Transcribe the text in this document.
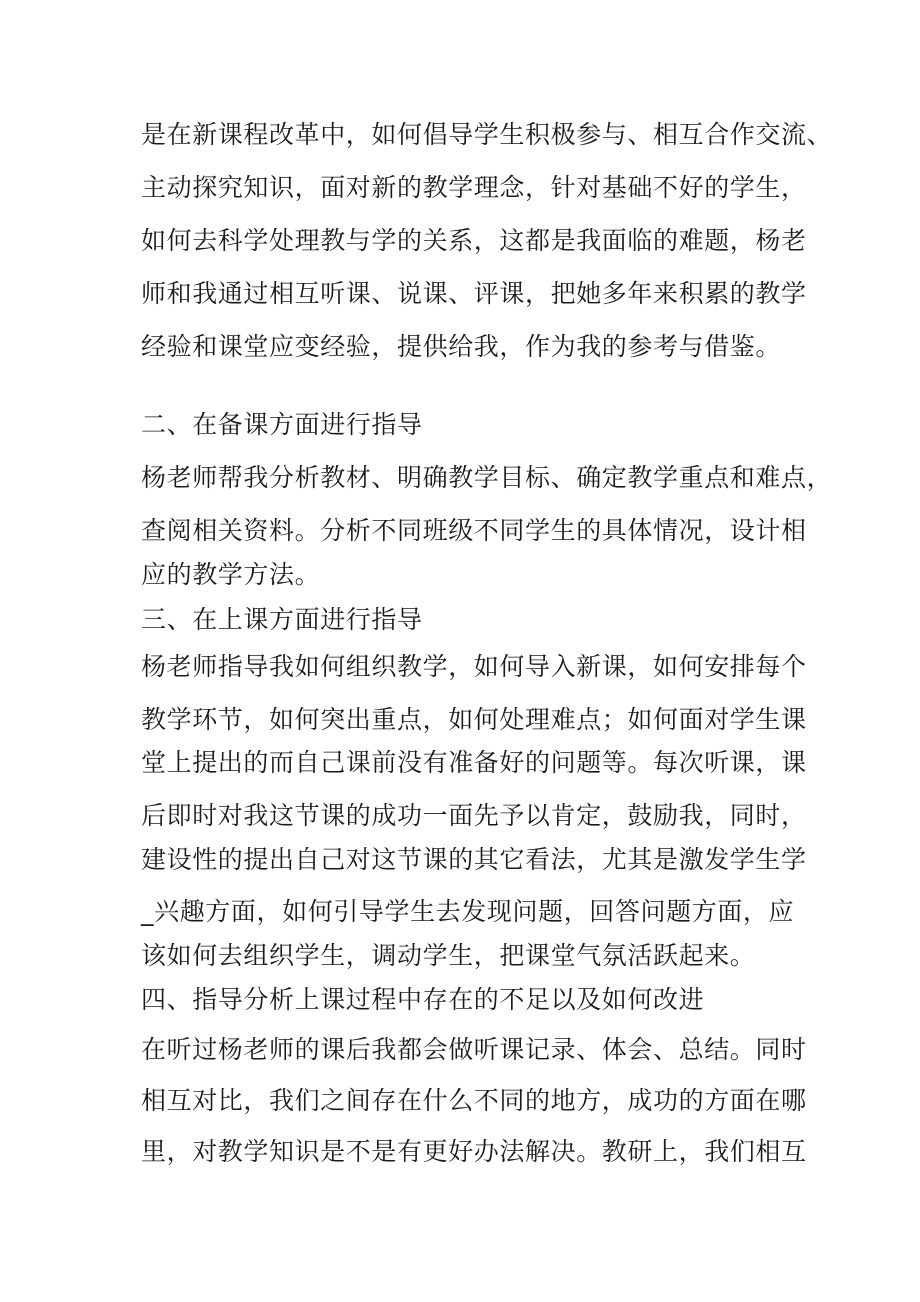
是在新课程改革中，如何倡导学生积极参与、相互合作交流、
主动探究知识，面对新的教学理念，针对基础不好的学生，
如何去科学处理教与学的关系，这都是我面临的难题，杨老
师和我通过相互听课、说课、评课，把她多年来积累的教学
经验和课堂应变经验，提供给我，作为我的参考与借鉴。
二、在备课方面进行指导
杨老师帮我分析教材、明确教学目标、确定教学重点和难点，
查阅相关资料。分析不同班级不同学生的具体情况，设计相
应的教学方法。
三、在上课方面进行指导
杨老师指导我如何组织教学，如何导入新课，如何安排每个
教学环节，如何突出重点，如何处理难点；如何面对学生课
堂上提出的而自己课前没有准备好的问题等。每次听课，课
后即时对我这节课的成功一面先予以肯定，鼓励我，同时，
建设性的提出自己对这节课的其它看法，尤其是激发学生学
_兴趣方面，如何引导学生去发现问题，回答问题方面，应
该如何去组织学生，调动学生，把课堂气氛活跃起来。
四、指导分析上课过程中存在的不足以及如何改进
在听过杨老师的课后我都会做听课记录、体会、总结。同时
相互对比，我们之间存在什么不同的地方，成功的方面在哪
里，对教学知识是不是有更好办法解决。教研上，我们相互
